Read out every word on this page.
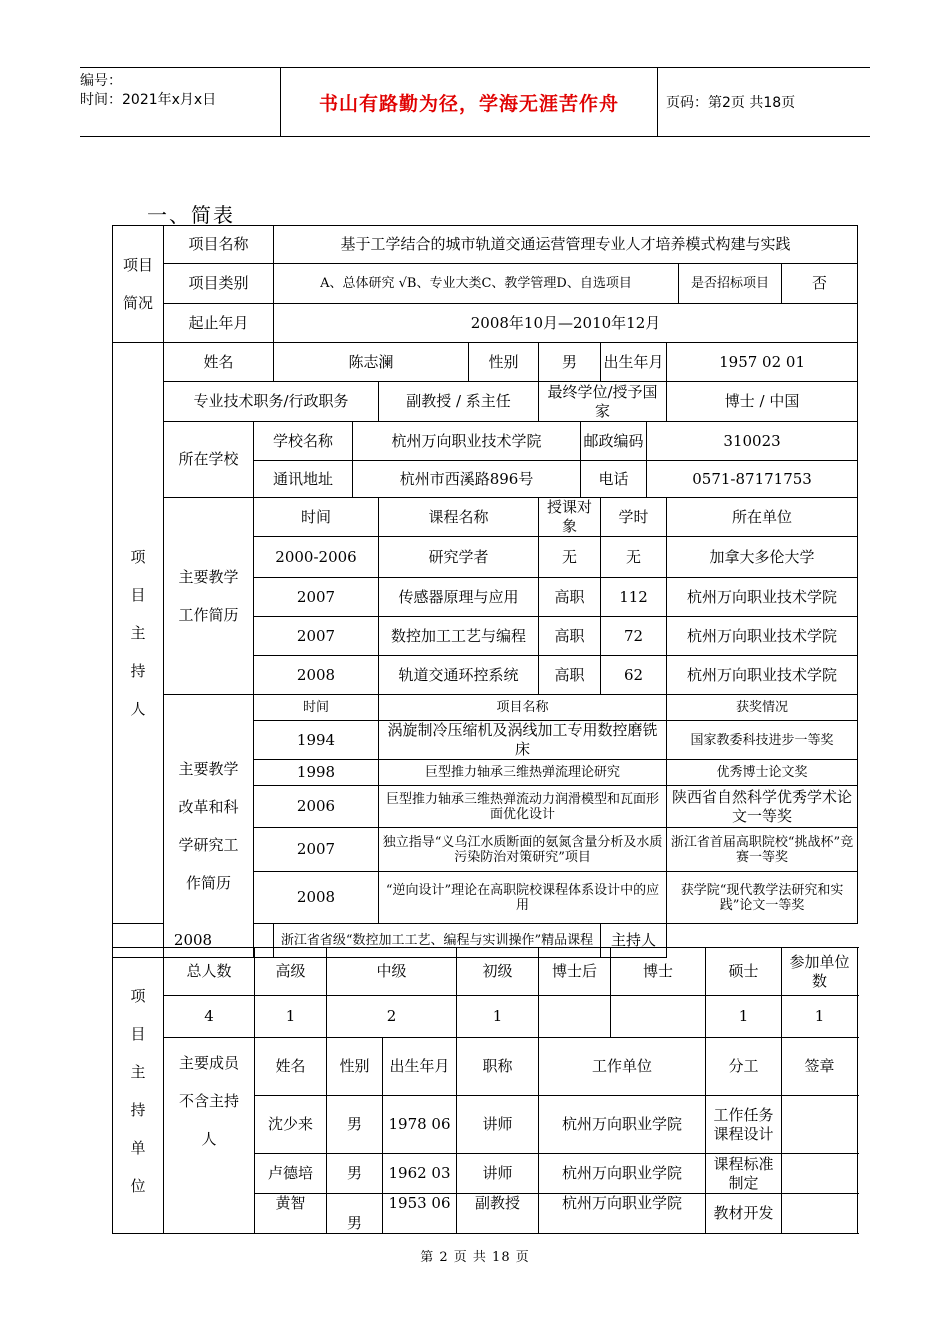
编号：
时间：2021年x月x日	书山有路勤为径，学海无涯苦作舟	页码：第2页 共18页
一、简表
项目
简况	项目名称	基于工学结合的城市轨道交通运营管理专业人才培养模式构建与实践		
	项目类别	A、总体研究 √B、专业大类C、教学管理D、自选项目	是否招标项目	否
	起止年月	2008年10月—2010年12月		
项目主持人	姓名		陈志澜			性别	男		出生年月		1957 02 01
	专业技术职务/行政职务				副教授 / 系主任		最终学位/授予国家				博士 / 中国
	所在学校	学校名称		杭州万向职业技术学院				邮政编码		310023	
		通讯地址		杭州市西溪路896号				电话		0571-87171753	
	主要教学工作简历	时间			课程名称		授课对象		学时		所在单位
		2000-2006			研究学者		无		无		加拿大多伦大学
		2007			传感器原理与应用		高职		112		杭州万向职业技术学院
		2007			数控加工工艺与编程		高职		72		杭州万向职业技术学院
		2008			轨道交通环控系统		高职		62		杭州万向职业技术学院
	主要教学改革和科学研究工作简历	时间			项目名称						获奖情况
		1994			涡旋制冷压缩机及涡线加工专用数控磨铣床						国家教委科技进步一等奖
		1998			巨型推力轴承三维热弹流理论研究						优秀博士论文奖
		2006			巨型推力轴承三维热弹流动力润滑模型和瓦面形面优化设计						陕西省自然科学优秀学术论文一等奖
		2007			独立指导“义乌江水质断面的氨氮含量分析及水质污染防治对策研究”项目						浙江省首届高职院校“挑战杯”竞赛一等奖
		2008			“逆向设计”理论在高职院校课程体系设计中的应用						获学院“现代教学法研究和实践”论文一等奖
2008			浙江省省级“数控加工工艺、编程与实训操作”精品课程						主持人		
项目主持单位	总人数	高级	中级		初级	博士后	博士	硕士	参加单位数
	4	1	2		1			1	1
	主要成员不含主持人	姓名	性别	出生年月	职称	工作单位		分工	签章
		沈少来	男	1978 06	讲师	杭州万向职业学院		工作任务课程设计	
		卢德培	男	1962 03	讲师	杭州万向职业学院		课程标准制定	
		黄智	男	1953 06	副教授	杭州万向职业学院		教材开发	
第 2 页 共 18 页
